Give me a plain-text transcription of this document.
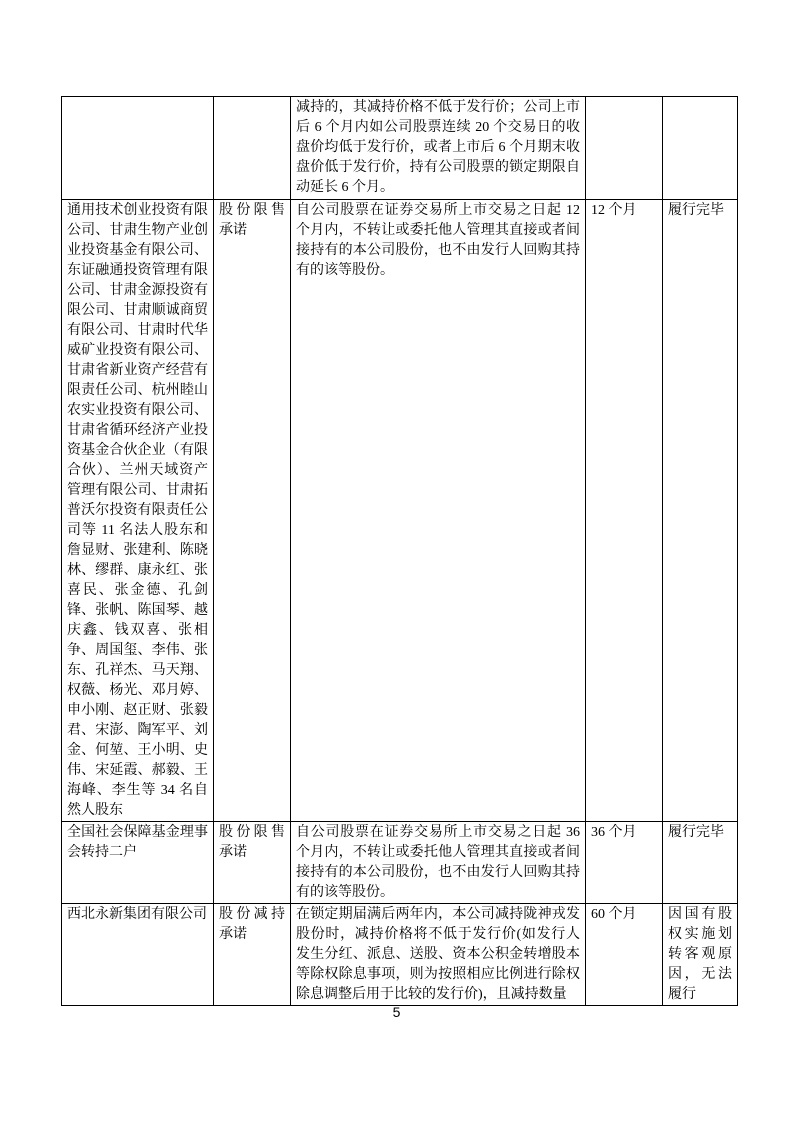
		减持的，其减持价格不低于发行价；公司上市后 6 个月内如公司股票连续 20 个交易日的收盘价均低于发行价，或者上市后 6 个月期末收盘价低于发行价，持有公司股票的锁定期限自动延长 6 个月。		
通用技术创业投资有限公司、甘肃生物产业创业投资基金有限公司、东证融通投资管理有限公司、甘肃金源投资有限公司、甘肃顺诚商贸有限公司、甘肃时代华威矿业投资有限公司、甘肃省新业资产经营有限责任公司、杭州睦山农实业投资有限公司、甘肃省循环经济产业投资基金合伙企业（有限合伙）、兰州天域资产管理有限公司、甘肃拓普沃尔投资有限责任公司等 11 名法人股东和詹显财、张建利、陈晓林、缪群、康永红、张喜民、张金德、孔剑锋、张帆、陈国琴、越庆鑫、钱双喜、张相争、周国玺、李伟、张东、孔祥杰、马天翔、权薇、杨光、邓月婷、申小刚、赵正财、张毅君、宋澎、陶军平、刘金、何堃、王小明、史伟、宋延霞、郝毅、王海峰、李生等 34 名自然人股东	股份限售承诺	自公司股票在证券交易所上市交易之日起 12 个月内，不转让或委托他人管理其直接或者间接持有的本公司股份，也不由发行人回购其持有的该等股份。	12 个月	履行完毕
全国社会保障基金理事会转持二户	股份限售承诺	自公司股票在证券交易所上市交易之日起 36 个月内，不转让或委托他人管理其直接或者间接持有的本公司股份，也不由发行人回购其持有的该等股份。	36 个月	履行完毕
西北永新集团有限公司	股份减持承诺	在锁定期届满后两年内，本公司减持陇神戎发股份时，减持价格将不低于发行价(如发行人发生分红、派息、送股、资本公积金转增股本等除权除息事项，则为按照相应比例进行除权除息调整后用于比较的发行价)，且减持数量	60 个月	因国有股权实施划转客观原因，无法履行
5
